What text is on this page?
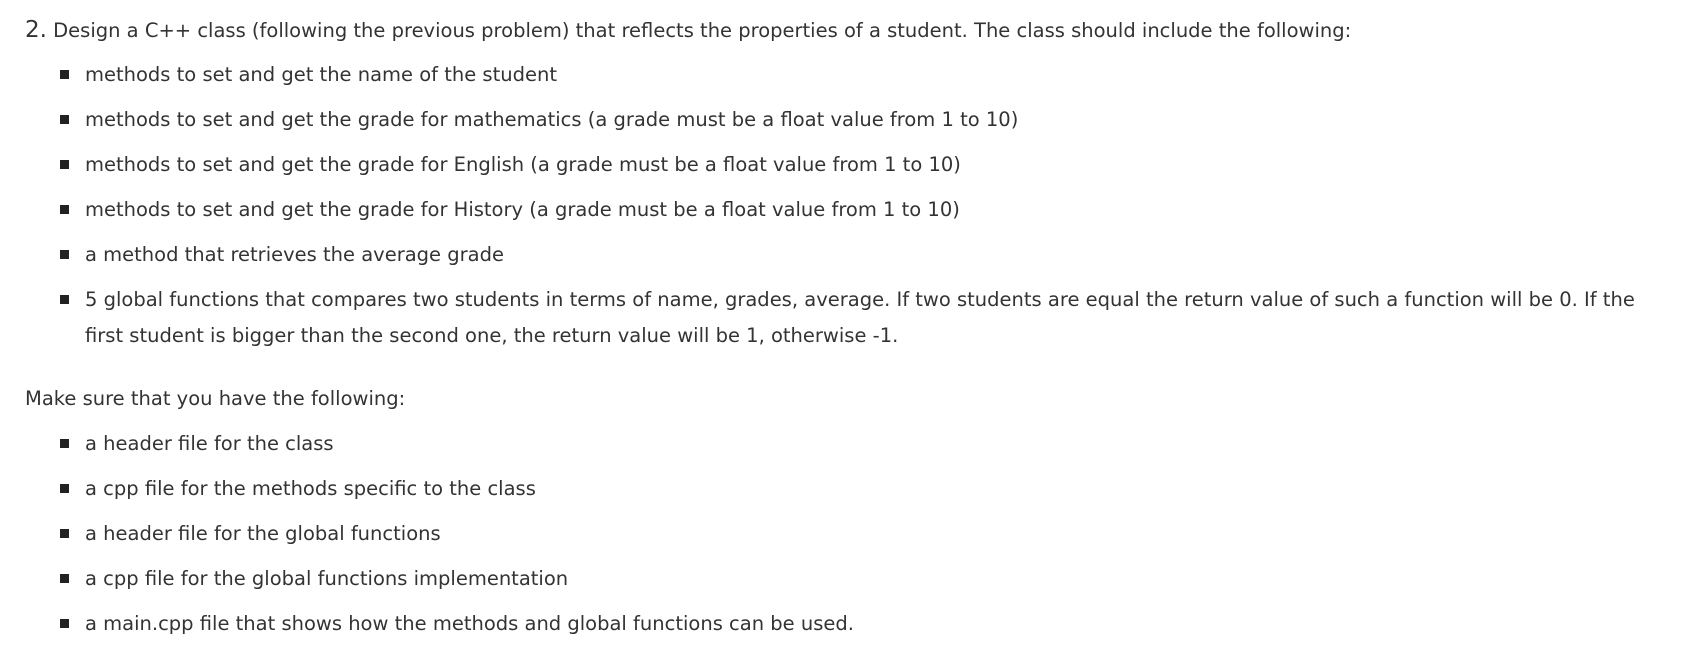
2. Design a C++ class (following the previous problem) that reflects the properties of a student. The class should include the following:

methods to set and get the name of the student
methods to set and get the grade for mathematics (a grade must be a float value from 1 to 10)
methods to set and get the grade for English (a grade must be a float value from 1 to 10)
methods to set and get the grade for History (a grade must be a float value from 1 to 10)
a method that retrieves the average grade
5 global functions that compares two students in terms of name, grades, average. If two students are equal the return value of such a function will be 0. If the
first student is bigger than the second one, the return value will be 1, otherwise -1.

Make sure that you have the following:

a header file for the class
a cpp file for the methods specific to the class
a header file for the global functions
a cpp file for the global functions implementation
a main.cpp file that shows how the methods and global functions can be used.
